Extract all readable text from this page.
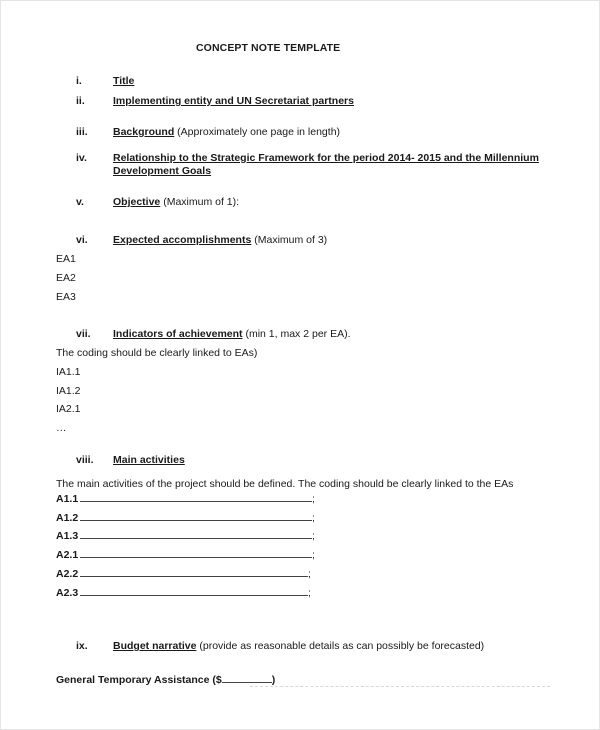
CONCEPT NOTE TEMPLATE
i.	Title
ii.	Implementing entity and UN Secretariat partners
iii.	Background (Approximately one page in length)
iv.	Relationship to the Strategic Framework for the period 2014- 2015 and the Millennium Development Goals
v.	Objective (Maximum of 1):
vi.	Expected accomplishments (Maximum of 3)
EA1
EA2
EA3
vii.	Indicators of achievement (min 1, max 2 per EA).
The coding should be clearly linked to EAs)
IA1.1
IA1.2
IA2.1
…
viii.	Main activities
The main activities of the project should be defined. The coding should be clearly linked to the EAs
A1.1	;
A1.2	;
A1.3	;
A2.1	;
A2.2	;
A2.3	;
ix.	Budget narrative (provide as reasonable details as can possibly be forecasted)
General Temporary Assistance ($	)
